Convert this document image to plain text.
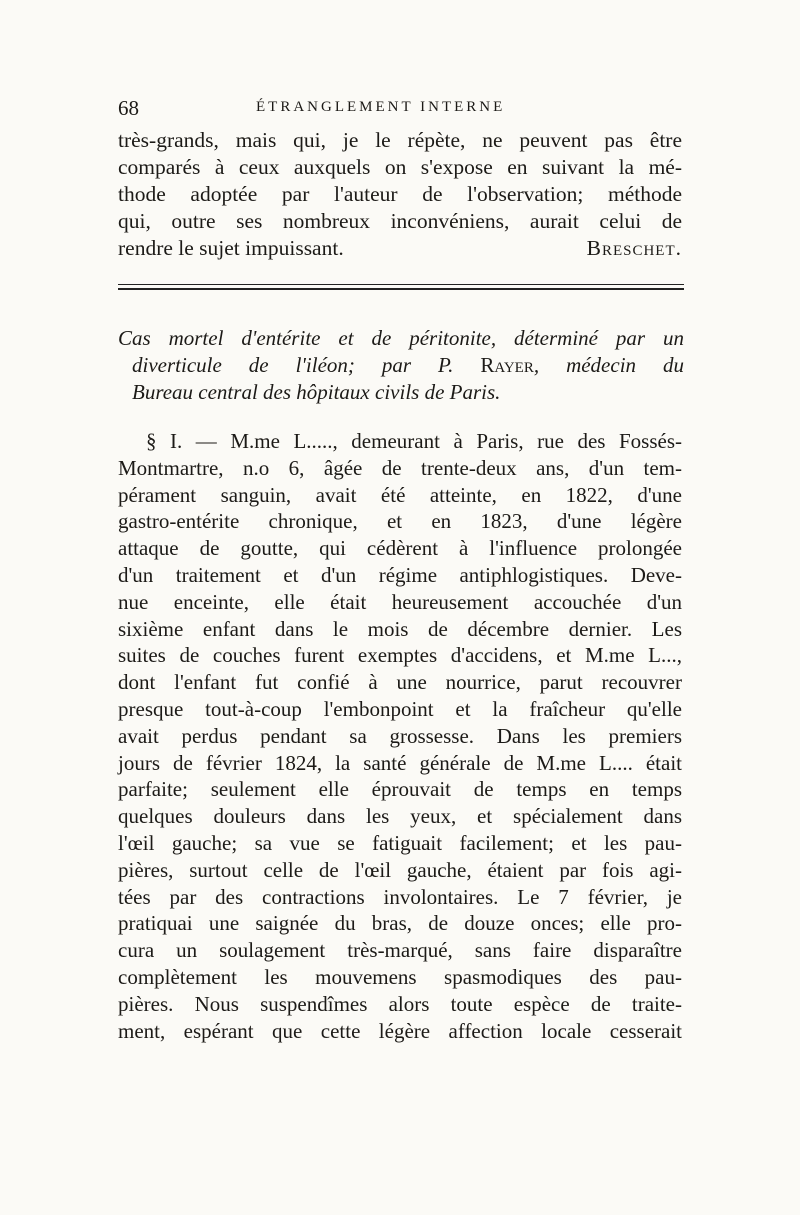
68	ÉTRANGLEMENT INTERNE
très-grands, mais qui, je le répète, ne peuvent pas être
comparés à ceux auxquels on s'expose en suivant la mé-
thode adoptée par l'auteur de l'observation; méthode
qui, outre ses nombreux inconvéniens, aurait celui de
rendre le sujet impuissant.	Breschet.
Cas mortel d'entérite et de péritonite, déterminé par un
diverticule de l'iléon; par P. Rayer, médecin du
Bureau central des hôpitaux civils de Paris.
§ I. — M.me L....., demeurant à Paris, rue des Fossés-
Montmartre, n.o 6, âgée de trente-deux ans, d'un tem-
pérament sanguin, avait été atteinte, en 1822, d'une
gastro-entérite chronique, et en 1823, d'une légère
attaque de goutte, qui cédèrent à l'influence prolongée
d'un traitement et d'un régime antiphlogistiques. Deve-
nue enceinte, elle était heureusement accouchée d'un
sixième enfant dans le mois de décembre dernier. Les
suites de couches furent exemptes d'accidens, et M.me L...,
dont l'enfant fut confié à une nourrice, parut recouvrer
presque tout-à-coup l'embonpoint et la fraîcheur qu'elle
avait perdus pendant sa grossesse. Dans les premiers
jours de février 1824, la santé générale de M.me L.... était
parfaite; seulement elle éprouvait de temps en temps
quelques douleurs dans les yeux, et spécialement dans
l'œil gauche; sa vue se fatiguait facilement; et les pau-
pières, surtout celle de l'œil gauche, étaient par fois agi-
tées par des contractions involontaires. Le 7 février, je
pratiquai une saignée du bras, de douze onces; elle pro-
cura un soulagement très-marqué, sans faire disparaître
complètement les mouvemens spasmodiques des pau-
pières. Nous suspendîmes alors toute espèce de traite-
ment, espérant que cette légère affection locale cesserait
